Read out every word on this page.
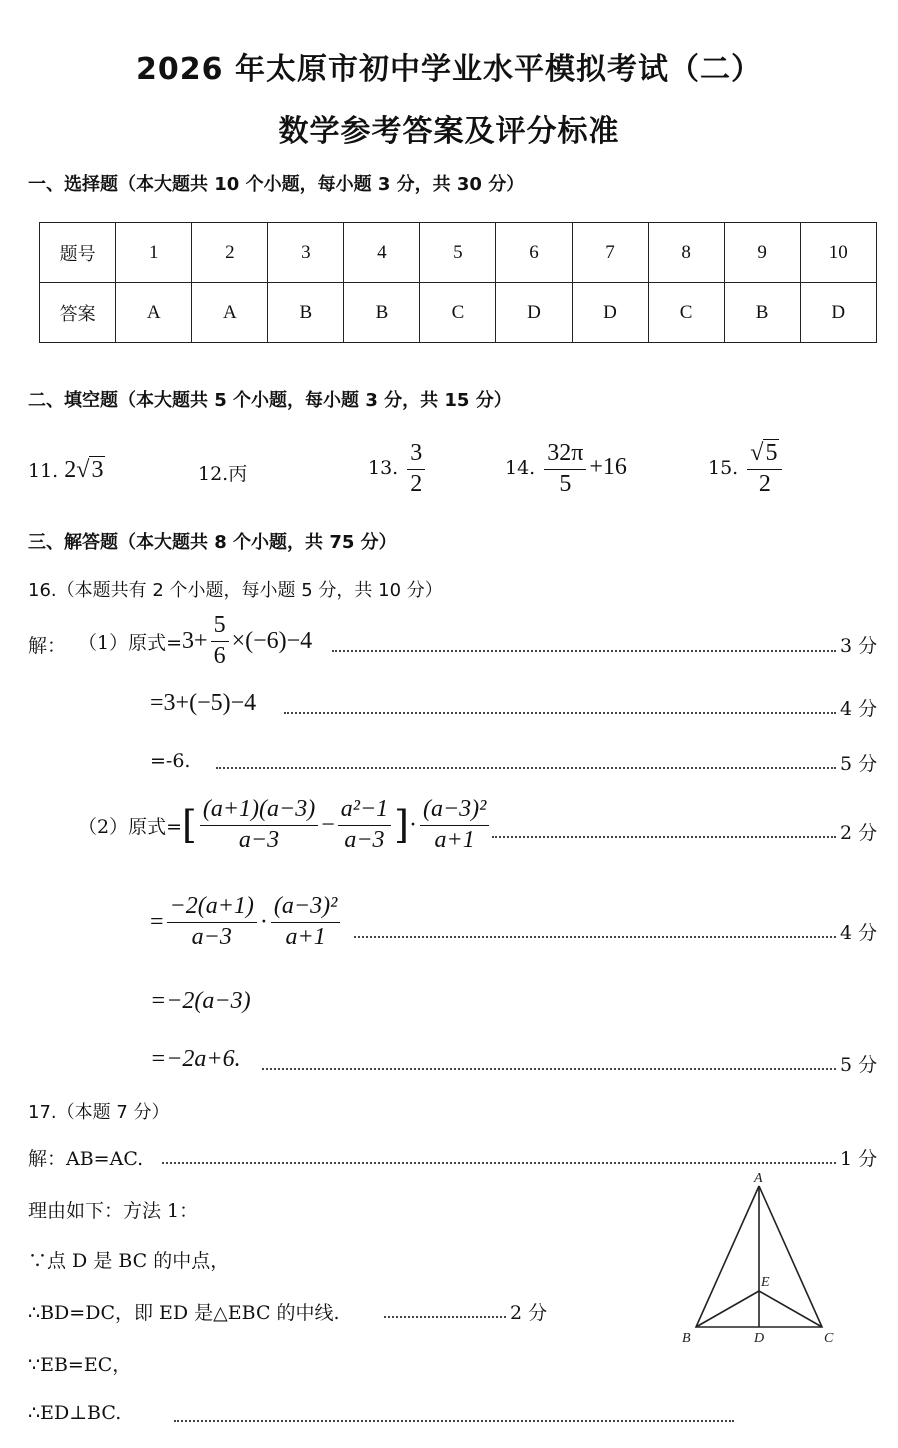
2026 年太原市初中学业水平模拟考试（二）
数学参考答案及评分标准
一、选择题（本大题共 10 个小题，每小题 3 分，共 30 分）
题号	1	2	3	4	5	6	7	8	9	10
答案	A	A	B	B	C	D	D	C	B	D
二、填空题（本大题共 5 个小题，每小题 3 分，共 15 分）
11. 2√3	12.丙	13. $\frac{3}{2}$	14. $\frac{32\pi}{5} +16$	15. $\frac{√5}{2}$
三、解答题（本大题共 8 个小题，共 75 分）
16.（本题共有 2 个小题，每小题 5 分，共 10 分）
解： （1）原式= $3+ \frac{5}{6} \times(-6)-4$	3 分
=3+(−5)−4	4 分
=-6.	5 分
（2）原式= [ $\frac{(a+1)(a-3)}{a-3} - \frac{\text{a²−1}}{a-3}$ ] · $\frac{\text{(a−3)²}}{a+1}$	2 分
= $\frac{-2(a+1)}{a-3} \cdot \frac{\text{(a−3)²}}{a+1}$	4 分
=−2(a−3)
=−2a+6.	5 分
17.（本题 7 分）
解：AB=AC.	1 分
理由如下：方法 1：
∵点 D 是 BC 的中点，
∴BD=DC，即 ED 是△EBC 的中线.	2 分
∵EB=EC，
∴ED⊥BC.
A
B	C
D
E
